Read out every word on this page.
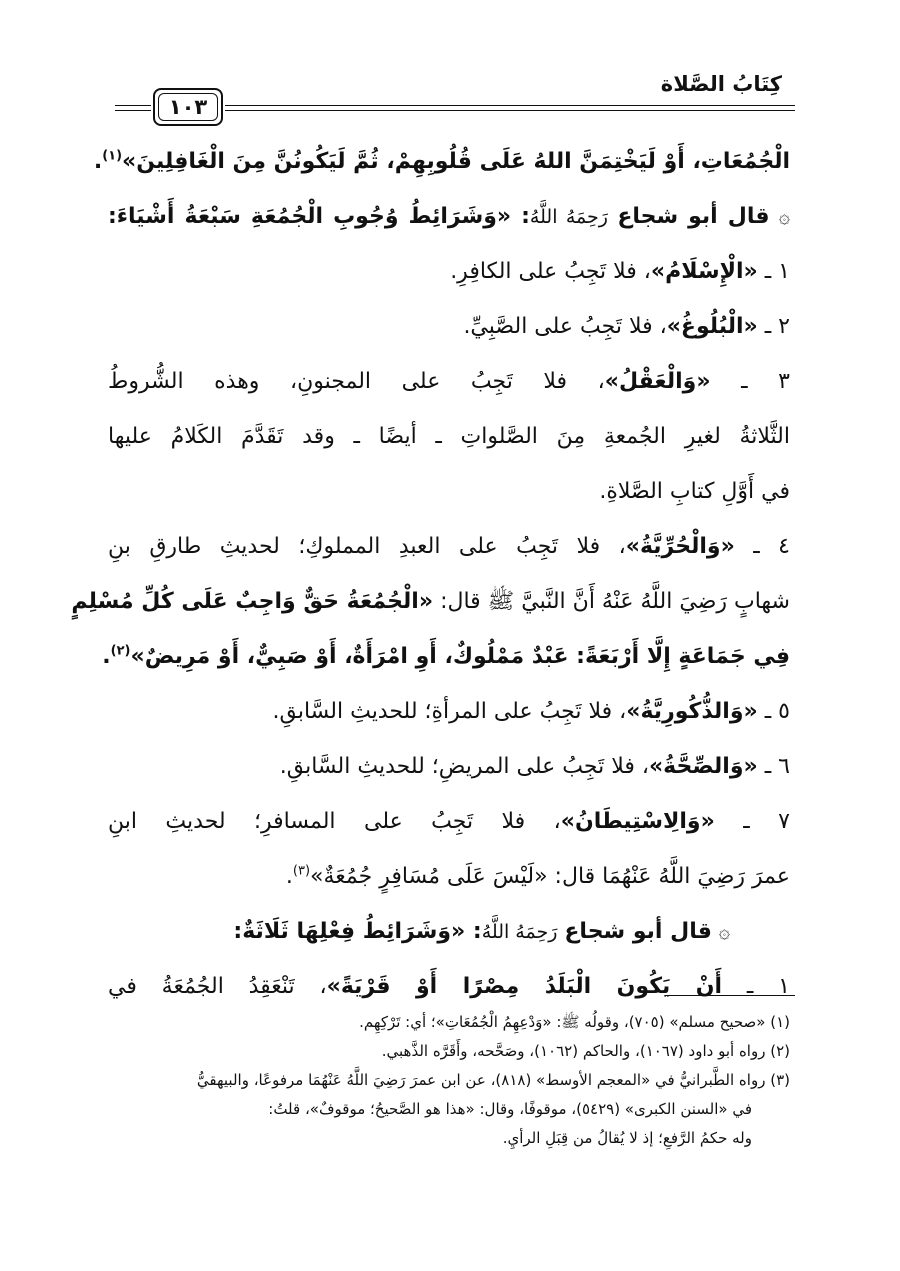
كِتَابُ الصَّلاة
١٠٣
الْجُمُعَاتِ، أَوْ لَيَخْتِمَنَّ اللهُ عَلَى قُلُوبِهِمْ، ثُمَّ لَيَكُونُنَّ مِنَ الْغَافِلِينَ»$^{(١)}$.
۞ قال أبو شجاع رَحِمَهُ اللَّهُ: «وَشَرَائِطُ وُجُوبِ الْجُمُعَةِ سَبْعَةُ أَشْيَاءَ:
١ ـ «الْإِسْلَامُ»، فلا تَجِبُ على الكافِرِ.
٢ ـ «الْبُلُوغُ»، فلا تَجِبُ على الصَّبِيِّ.
٣ ـ «وَالْعَقْلُ»، فلا تَجِبُ على المجنونِ، وهذه الشُّروطُ
الثَّلاثةُ لغيرِ الجُمعةِ مِنَ الصَّلواتِ ـ أيضًا ـ وقد تَقَدَّمَ الكَلامُ عليها
في أَوَّلِ كتابِ الصَّلاةِ.
٤ ـ «وَالْحُرِّيَّةُ»، فلا تَجِبُ على العبدِ المملوكِ؛ لحديثِ طارقِ بنِ
شهابٍ رَضِيَ اللَّهُ عَنْهُ أَنَّ النَّبيَّ ﷺ قال: «الْجُمُعَةُ حَقٌّ وَاجِبٌ عَلَى كُلِّ مُسْلِمٍ
فِي جَمَاعَةٍ إِلَّا أَرْبَعَةً: عَبْدٌ مَمْلُوكٌ، أَوِ امْرَأَةٌ، أَوْ صَبِيٌّ، أَوْ مَرِيضٌ»$^{(٢)}$.
٥ ـ «وَالذُّكُورِيَّةُ»، فلا تَجِبُ على المرأةِ؛ للحديثِ السَّابقِ.
٦ ـ «وَالصِّحَّةُ»، فلا تَجِبُ على المريضِ؛ للحديثِ السَّابقِ.
٧ ـ «وَالِاسْتِيطَانُ»، فلا تَجِبُ على المسافرِ؛ لحديثِ ابنِ
عمرَ رَضِيَ اللَّهُ عَنْهُمَا قال: «لَيْسَ عَلَى مُسَافِرٍ جُمُعَةٌ»$^{(٣)}$.
۞ قال أبو شجاع رَحِمَهُ اللَّهُ: «وَشَرَائِطُ فِعْلِهَا ثَلَاثَةٌ:
١ ـ أَنْ يَكُونَ الْبَلَدُ مِصْرًا أَوْ قَرْيَةً»، تَنْعَقِدُ الجُمُعَةُ في
(١) «صحيح مسلم» (٧٠٥)، وقولُه ﷺ: «وَدْعِهِمُ الْجُمُعَاتِ»؛ أي: تَرْكِهِم.
(٢) رواه أبو داود (١٠٦٧)، والحاكم (١٠٦٢)، وصَحَّحه، وأَقَرَّه الذَّهبي.
(٣) رواه الطَّبرانيُّ في «المعجم الأوسط» (٨١٨)، عن ابن عمرَ رَضِيَ اللَّهُ عَنْهُمَا مرفوعًا، والبيهقيُّ
في «السنن الكبرى» (٥٤٢٩)، موقوفًا، وقال: «هذا هو الصَّحيحُ؛ موقوفٌ»، قلتُ:
وله حكمُ الرَّفعِ؛ إذ لا يُقالُ من قِبَلِ الرأيِ.
